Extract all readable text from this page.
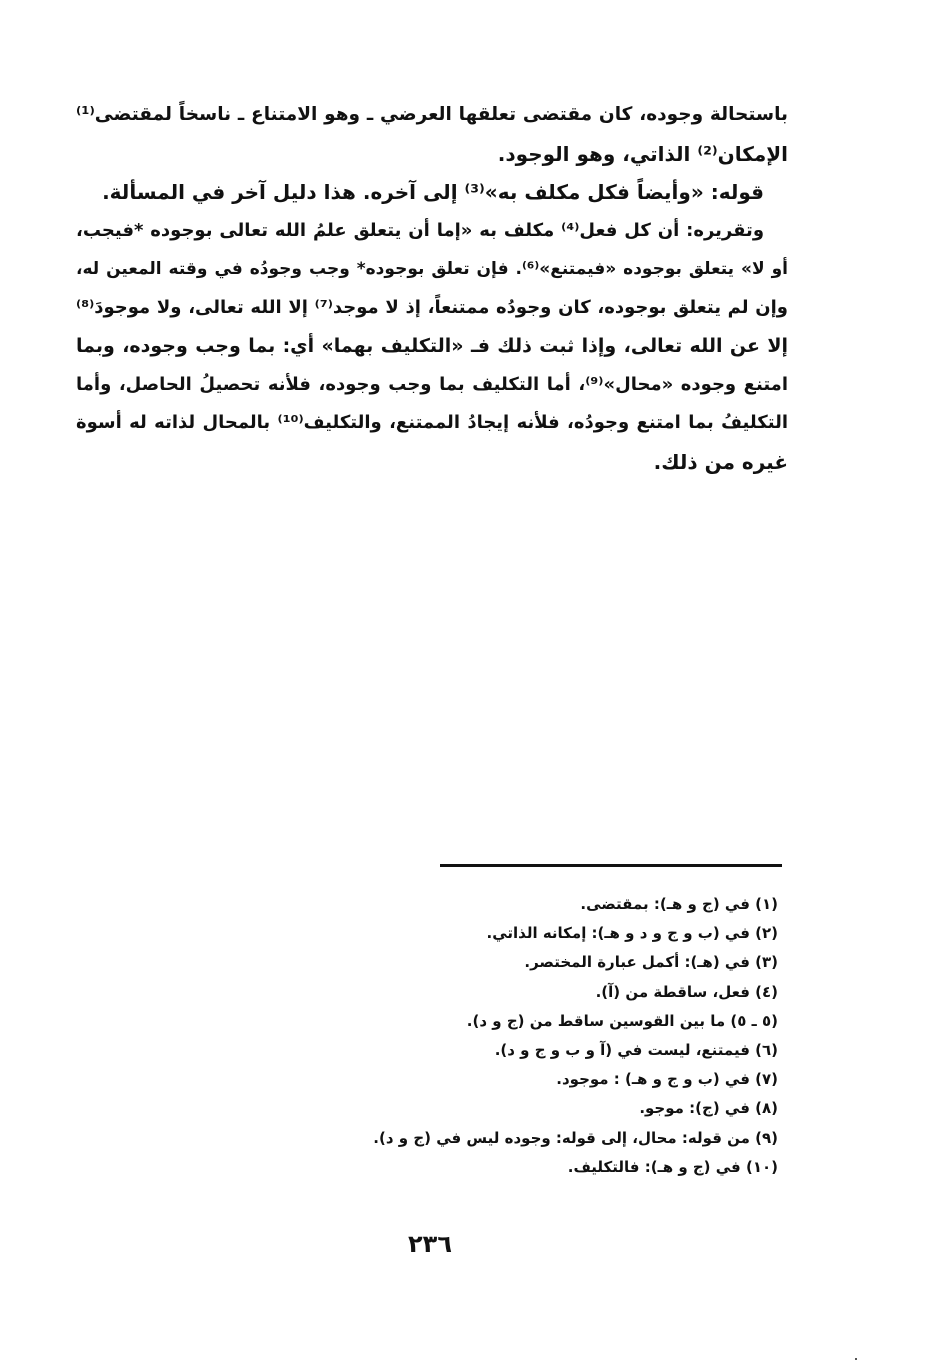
باستحالة وجوده، كان مقتضى تعلقها العرضي ـ وهو الامتناع ـ ناسخاً لمقتضى⁽¹⁾
الإمكان⁽²⁾ الذاتي، وهو الوجود.
قوله: «وأيضاً فكل مكلف به»⁽³⁾ إلى آخره. هذا دليل آخر في المسألة.
وتقريره: أن كل فعل⁽⁴⁾ مكلف به «إما أن يتعلق علمُ الله تعالى بوجوده *فيجب،
أو لا» يتعلق بوجوده «فيمتنع»⁽⁶⁾. فإن تعلق بوجوده* وجب وجودُه في وقته المعين له،
وإن لم يتعلق بوجوده، كان وجودُه ممتنعاً، إذ لا موجد⁽⁷⁾ إلا الله تعالى، ولا موجودَ⁽⁸⁾
إلا عن الله تعالى، وإذا ثبت ذلك فـ «التكليف بهما» أي: بما وجب وجوده، وبما
امتنع وجوده «محال»⁽⁹⁾، أما التكليف بما وجب وجوده، فلأنه تحصيلُ الحاصل، وأما
التكليفُ بما امتنع وجودُه، فلأنه إيجادُ الممتنع، والتكليف⁽¹⁰⁾ بالمحال لذاته له أسوة
غيره من ذلك.
(١) في (ج و هـ): بمقتضى.
(٢) في (ب و ج و د و هـ): إمكانه الذاتي.
(٣) في (هـ): أكمل عبارة المختصر.
(٤) فعل، ساقطة من (آ).
(٥ ـ ٥) ما بين القوسين ساقط من (ج و د).
(٦) فيمتنع، ليست في (آ و ب و ج و د).
(٧) في (ب و ج و هـ) : موجود.
(٨) في (ج): موجو.
(٩) من قوله: محال، إلى قوله: وجوده ليس في (ج و د).
(١٠) في (ج و هـ): فالتكليف.
٢٣٦
